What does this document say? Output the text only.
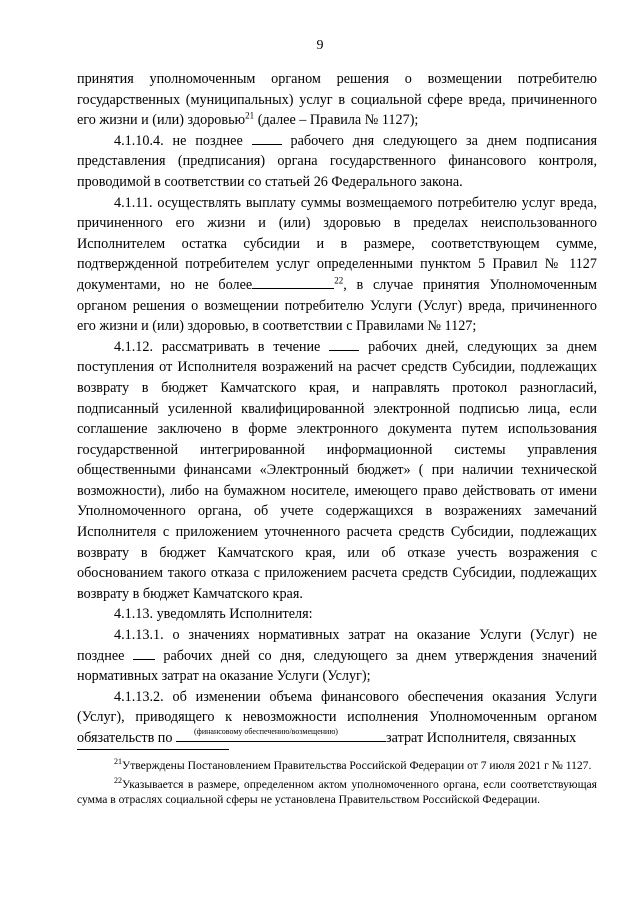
9

принятия уполномоченным органом решения о возмещении потребителю государственных (муниципальных) услуг в социальной сфере вреда, причиненного его жизни и (или) здоровью$^{21}$ (далее – Правила № 1127);

4.1.10.4. не позднее  рабочего дня следующего за днем подписания представления (предписания) органа государственного финансового контроля, проводимой в соответствии со статьей 26 Федерального закона.

4.1.11. осуществлять выплату суммы возмещаемого потребителю услуг вреда, причиненного его жизни и (или) здоровью в пределах неиспользованного Исполнителем остатка субсидии и в размере, соответствующем сумме, подтвержденной потребителем услуг определенными пунктом 5 Правил № 1127 документами, но не более	$^{22}$, в случае принятия Уполномоченным органом решения о возмещении потребителю Услуги (Услуг) вреда, причиненного его жизни и (или) здоровью, в соответствии с Правилами № 1127;

4.1.12. рассматривать в течение  рабочих дней, следующих за днем поступления от Исполнителя возражений на расчет средств Субсидии, подлежащих возврату в бюджет Камчатского края, и направлять протокол разногласий, подписанный усиленной квалифицированной электронной подписью лица, если соглашение заключено в форме электронного документа путем использования государственной интегрированной информационной системы управления общественными финансами «Электронный бюджет» ( при наличии технической возможности), либо на бумажном носителе, имеющего право действовать от имени Уполномоченного органа, об учете содержащихся в возражениях замечаний Исполнителя с приложением уточненного расчета средств Субсидии, подлежащих возврату в бюджет Камчатского края, или об отказе учесть возражения с обоснованием такого отказа с приложением расчета средств Субсидии, подлежащих возврату в бюджет Камчатского края.

4.1.13. уведомлять Исполнителя:

4.1.13.1. о значениях нормативных затрат на оказание Услуги (Услуг) не позднее  рабочих дней со дня, следующего за днем утверждения значений нормативных затрат на оказание Услуги (Услуг);

4.1.13.2. об изменении объема финансового обеспечения оказания Услуги (Услуг), приводящего к невозможности исполнения Уполномоченным органом обязательств по	затрат Исполнителя, связанных

(финансовому обеспечению/возмещению)

$^{21}$Утверждены Постановлением Правительства Российской Федерации от 7 июля 2021 г № 1127.

$^{22}$Указывается в размере, определенном актом уполномоченного органа, если соответствующая сумма в отраслях социальной сферы не установлена Правительством Российской Федерации.
